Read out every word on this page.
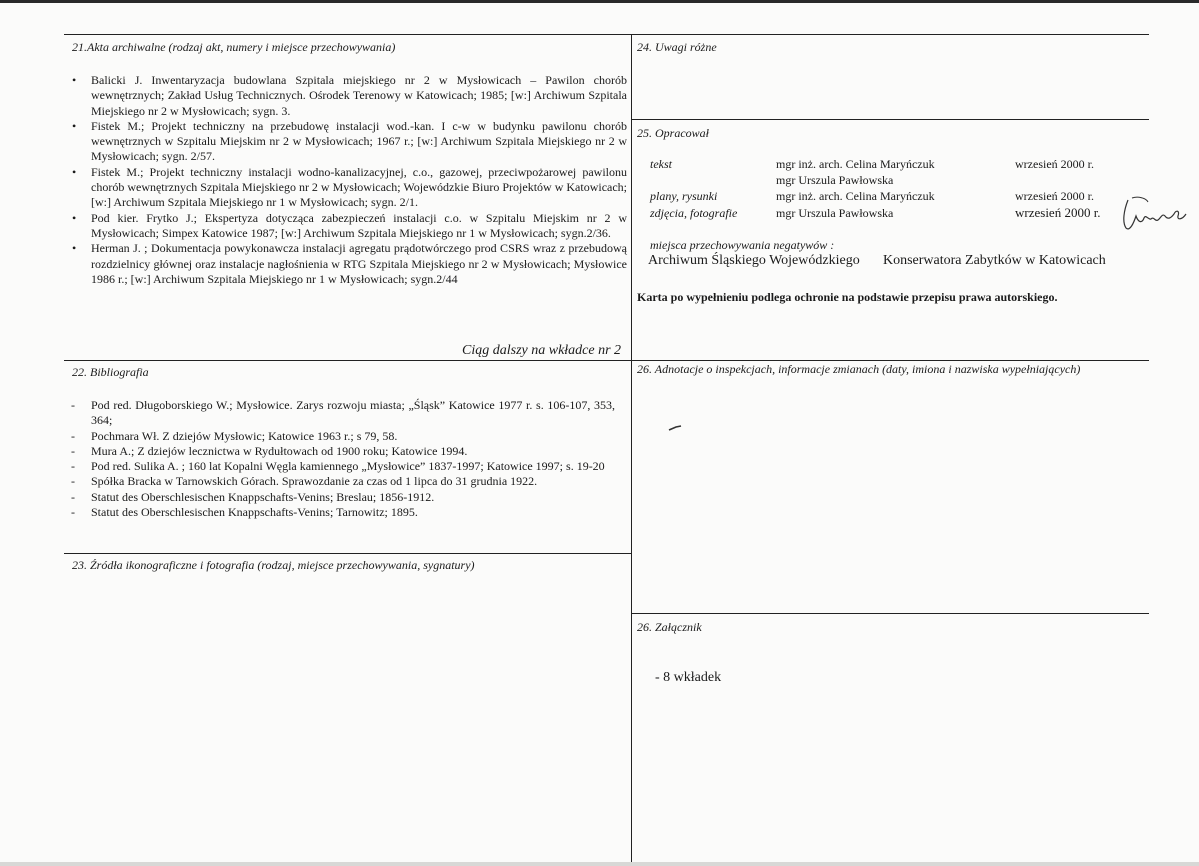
21.Akta archiwalne (rodzaj akt, numery i miejsce przechowywania)
• Balicki J. Inwentaryzacja budowlana Szpitala miejskiego nr 2 w Mysłowicach – Pawilon chorób wewnętrznych; Zakład Usług Technicznych. Ośrodek Terenowy w Katowicach; 1985; [w:] Archiwum Szpitala Miejskiego nr 2 w Mysłowicach; sygn. 3.
• Fistek M.; Projekt techniczny na przebudowę instalacji wod.-kan. I c-w w budynku pawilonu chorób wewnętrznych w Szpitalu Miejskim nr 2 w Mysłowicach; 1967 r.; [w:] Archiwum Szpitala Miejskiego nr 2 w Mysłowicach; sygn. 2/57.
• Fistek M.; Projekt techniczny instalacji wodno-kanalizacyjnej, c.o., gazowej, przeciwpożarowej pawilonu chorób wewnętrznych Szpitala Miejskiego nr 2 w Mysłowicach; Wojewódzkie Biuro Projektów w Katowicach; [w:] Archiwum Szpitala Miejskiego nr 1 w Mysłowicach; sygn. 2/1.
• Pod kier. Frytko J.; Ekspertyza dotycząca zabezpieczeń instalacji c.o. w Szpitalu Miejskim nr 2 w Mysłowicach; Simpex Katowice 1987; [w:] Archiwum Szpitala Miejskiego nr 1 w Mysłowicach; sygn.2/36.
• Herman J. ; Dokumentacja powykonawcza instalacji agregatu prądotwórczego prod CSRS wraz z przebudową rozdzielnicy głównej oraz instalacje nagłośnienia w RTG Szpitala Miejskiego nr 2 w Mysłowicach; Mysłowice 1986 r.; [w:] Archiwum Szpitala Miejskiego nr 1 w Mysłowicach; sygn.2/44
Ciąg dalszy na wkładce nr 2
22. Bibliografia
- Pod red. Długoborskiego W.; Mysłowice. Zarys rozwoju miasta; „Śląsk” Katowice 1977 r. s. 106-107, 353, 364;
- Pochmara Wł. Z dziejów Mysłowic; Katowice 1963 r.; s 79, 58.
- Mura A.; Z dziejów lecznictwa w Rydułtowach od 1900 roku; Katowice 1994.
- Pod red. Sulika A. ; 160 lat Kopalni Węgla kamiennego „Mysłowice” 1837-1997; Katowice 1997; s. 19-20
- Spółka Bracka w Tarnowskich Górach. Sprawozdanie za czas od 1 lipca do 31 grudnia 1922.
- Statut des Oberschlesischen Knappschafts-Venins; Breslau; 1856-1912.
- Statut des Oberschlesischen Knappschafts-Venins; Tarnowitz; 1895.
23. Źródła ikonograficzne i fotografia (rodzaj, miejsce przechowywania, sygnatury)
24. Uwagi różne
25. Opracował
tekst	mgr inż. arch. Celina Maryńczuk	wrzesień 2000 r.
mgr Urszula Pawłowska
plany, rysunki	mgr inż. arch. Celina Maryńczuk	wrzesień 2000 r.
zdjęcia, fotografie	mgr Urszula Pawłowska	wrzesień 2000 r.
miejsca przechowywania negatywów :
Archiwum Śląskiego Wojewódzkiego Konserwatora Zabytków w Katowicach
Karta po wypełnieniu podlega ochronie na podstawie przepisu prawa autorskiego.
26. Adnotacje o inspekcjach, informacje zmianach (daty, imiona i nazwiska wypełniających)
26. Załącznik
- 8 wkładek
